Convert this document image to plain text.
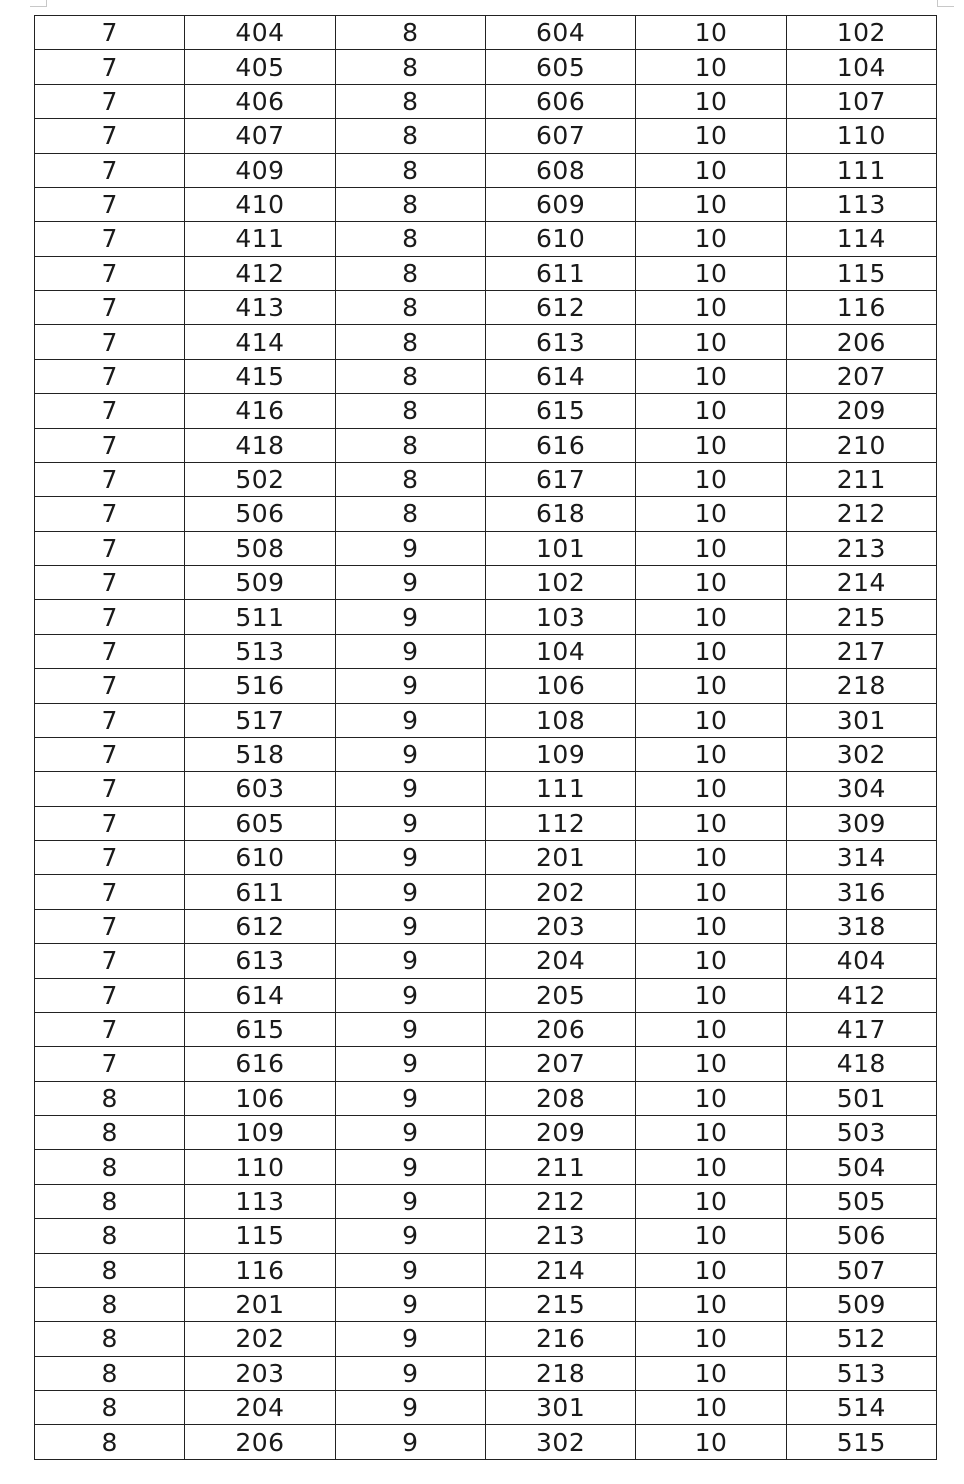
7	404	8	604	10	102
7	405	8	605	10	104
7	406	8	606	10	107
7	407	8	607	10	110
7	409	8	608	10	111
7	410	8	609	10	113
7	411	8	610	10	114
7	412	8	611	10	115
7	413	8	612	10	116
7	414	8	613	10	206
7	415	8	614	10	207
7	416	8	615	10	209
7	418	8	616	10	210
7	502	8	617	10	211
7	506	8	618	10	212
7	508	9	101	10	213
7	509	9	102	10	214
7	511	9	103	10	215
7	513	9	104	10	217
7	516	9	106	10	218
7	517	9	108	10	301
7	518	9	109	10	302
7	603	9	111	10	304
7	605	9	112	10	309
7	610	9	201	10	314
7	611	9	202	10	316
7	612	9	203	10	318
7	613	9	204	10	404
7	614	9	205	10	412
7	615	9	206	10	417
7	616	9	207	10	418
8	106	9	208	10	501
8	109	9	209	10	503
8	110	9	211	10	504
8	113	9	212	10	505
8	115	9	213	10	506
8	116	9	214	10	507
8	201	9	215	10	509
8	202	9	216	10	512
8	203	9	218	10	513
8	204	9	301	10	514
8	206	9	302	10	515
